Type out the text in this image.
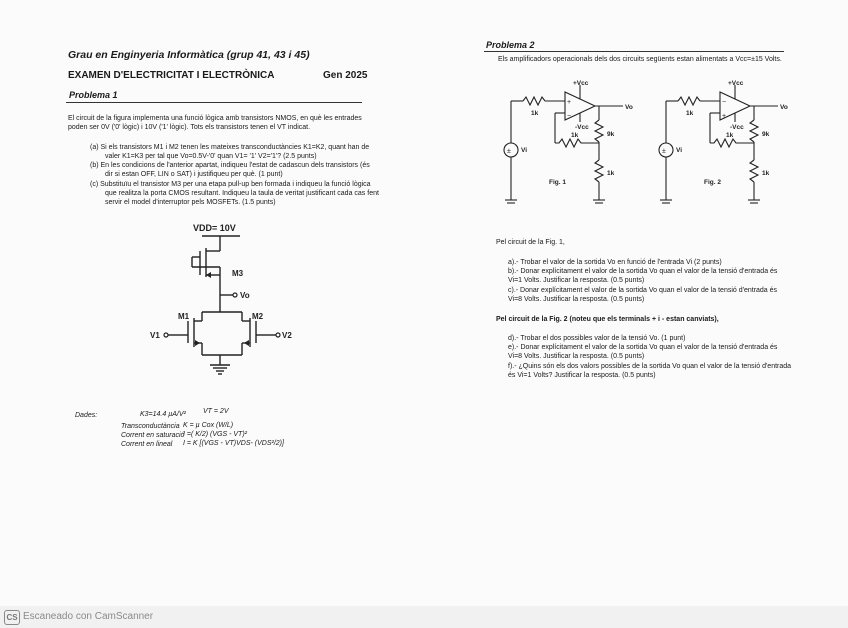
Grau en Enginyeria Informàtica (grup 41, 43 i 45)
EXAMEN D'ELECTRICITAT I ELECTRÒNICA	Gen 2025
Problema 1
El circuit de la figura implementa una funció lògica amb transistors NMOS, en què les entrades
poden ser 0V ('0' lògic) i 10V ('1' lògic). Tots els transistors tenen el VT indicat.
(a) Si els transistors M1 i M2 tenen les mateixes transconductàncies K1=K2, quant han de
valer K1=K3 per tal que Vo=0.5V-'0' quan V1= '1' V2='1'? (2.5 punts)
(b) En les condicions de l'anterior apartat, indiqueu l'estat de cadascun dels transistors (és
dir si estan OFF, LIN o SAT) i justifiqueu per què. (1 punt)
(c) Substituïu el transistor M3 per una etapa pull-up ben formada i indiqueu la funció lògica
que realitza la porta CMOS resultant. Indiqueu la taula de veritat justificant cada cas fent
servir el model d'interruptor pels MOSFETs. (1.5 punts)
VDD= 10V
M3
Vo
M1	M2
V1	V2
Dades:	K3=14.4 µA/V² VT = 2V
Transconductància K = µ Cox (W/L)
Corrent en saturació
I =( K/2) (VGS - VT)²
Corrent en lineal I = K [(VGS - VT)VDS- (VDS²/2)]
Problema 2
Els amplificadors operacionals dels dos circuits següents estan alimentats a Vcc=±15 Volts.
±
+
−
+Vcc
-Vcc
1k
1k	9k
1k
Vo
Vi
Fig. 1
±
−
+
+Vcc
-Vcc
1k
1k	9k
1k
Vo
Vi
Fig. 2
Pel circuit de la Fig. 1,
a).- Trobar el valor de la sortida Vo en funció de l'entrada Vi (2 punts)
b).- Donar explícitament el valor de la sortida Vo quan el valor de la tensió d'entrada és
Vi=1 Volts. Justificar la resposta. (0.5 punts)
c).- Donar explícitament el valor de la sortida Vo quan el valor de la tensió d'entrada és
Vi=8 Volts. Justificar la resposta. (0.5 punts)
Pel circuit de la Fig. 2 (noteu que els terminals + i - estan canviats),
d).- Trobar el dos possibles valor de la tensió Vo. (1 punt)
e).- Donar explícitament el valor de la sortida Vo quan el valor de la tensió d'entrada és
Vi=8 Volts. Justificar la resposta. (0.5 punts)
f).- ¿Quins són els dos valors possibles de la sortida Vo quan el valor de la tensió d'entrada
és Vi=1 Volts? Justificar la resposta. (0.5 punts)
CS Escaneado con CamScanner
